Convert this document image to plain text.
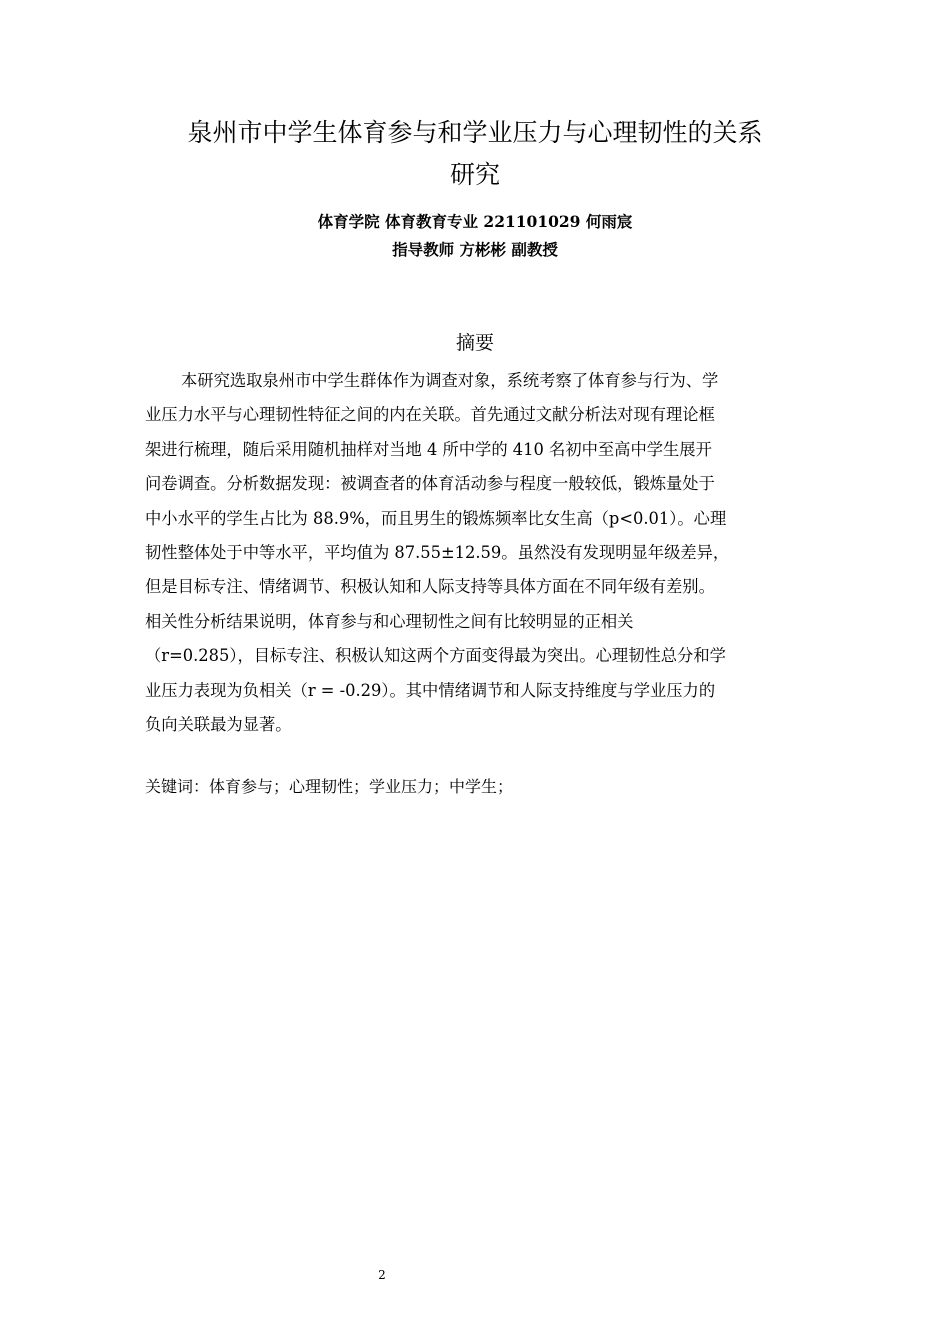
泉州市中学生体育参与和学业压力与心理韧性的关系
研究
体育学院 体育教育专业 221101029 何雨宸
指导教师 方彬彬 副教授
摘要
本研究选取泉州市中学生群体作为调查对象，系统考察了体育参与行为、学
业压力水平与心理韧性特征之间的内在关联。首先通过文献分析法对现有理论框
架进行梳理，随后采用随机抽样对当地 4 所中学的 410 名初中至高中学生展开
问卷调查。分析数据发现：被调查者的体育活动参与程度一般较低，锻炼量处于
中小水平的学生占比为 88.9%，而且男生的锻炼频率比女生高（p<0.01）。心理
韧性整体处于中等水平，平均值为 87.55±12.59。虽然没有发现明显年级差异，
但是目标专注、情绪调节、积极认知和人际支持等具体方面在不同年级有差别。
相关性分析结果说明，体育参与和心理韧性之间有比较明显的正相关
（r=0.285），目标专注、积极认知这两个方面变得最为突出。心理韧性总分和学
业压力表现为负相关（r = -0.29）。其中情绪调节和人际支持维度与学业压力的
负向关联最为显著。
关键词：体育参与；心理韧性；学业压力；中学生；
2
